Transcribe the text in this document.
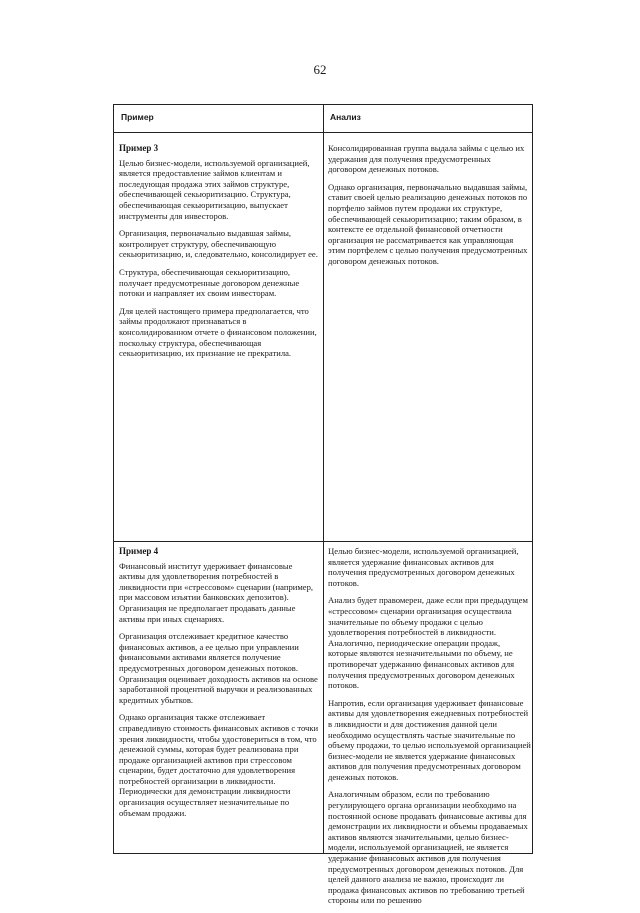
62
Пример	Анализ

Пример 3

Целью бизнес-модели, используемой организацией, является предоставление займов клиентам и последующая продажа этих займов структуре, обеспечивающей секьюритизацию. Структура, обеспечивающая секьюритизацию, выпускает инструменты для инвесторов.

Организация, первоначально выдавшая займы, контролирует структуру, обеспечивающую секьюритизацию, и, следовательно, консолидирует ее.

Структура, обеспечивающая секьюритизацию, получает предусмотренные договором денежные потоки и направляет их своим инвесторам.

Для целей настоящего примера предполагается, что займы продолжают признаваться в консолидированном отчете о финансовом положении, поскольку структура, обеспечивающая секьюритизацию, их признание не прекратила.

Консолидированная группа выдала займы с целью их удержания для получения предусмотренных договором денежных потоков.

Однако организация, первоначально выдавшая займы, ставит своей целью реализацию денежных потоков по портфелю займов путем продажи их структуре, обеспечивающей секьюритизацию; таким образом, в контексте ее отдельной финансовой отчетности организация не рассматривается как управляющая этим портфелем с целью получения предусмотренных договором денежных потоков.

Пример 4

Финансовый институт удерживает финансовые активы для удовлетворения потребностей в ликвидности при «стрессовом» сценарии (например, при массовом изъятии банковских депозитов). Организация не предполагает продавать данные активы при иных сценариях.

Организация отслеживает кредитное качество финансовых активов, а ее целью при управлении финансовыми активами является получение предусмотренных договором денежных потоков. Организация оценивает доходность активов на основе заработанной процентной выручки и реализованных кредитных убытков.

Однако организация также отслеживает справедливую стоимость финансовых активов с точки зрения ликвидности, чтобы удостовериться в том, что денежной суммы, которая будет реализована при продаже организацией активов при стрессовом сценарии, будет достаточно для удовлетворения потребностей организации в ликвидности. Периодически для демонстрации ликвидности организация осуществляет незначительные по объемам продажи.

Целью бизнес-модели, используемой организацией, является удержание финансовых активов для получения предусмотренных договором денежных потоков.

Анализ будет правомерен, даже если при предыдущем «стрессовом» сценарии организация осуществила значительные по объему продажи с целью удовлетворения потребностей в ликвидности. Аналогично, периодические операции продаж, которые являются незначительными по объему, не противоречат удержанию финансовых активов для получения предусмотренных договором денежных потоков.

Напротив, если организация удерживает финансовые активы для удовлетворения ежедневных потребностей в ликвидности и для достижения данной цели необходимо осуществлять частые значительные по объему продажи, то целью используемой организацией бизнес-модели не является удержание финансовых активов для получения предусмотренных договором денежных потоков.

Аналогичным образом, если по требованию регулирующего органа организации необходимо на постоянной основе продавать финансовые активы для демонстрации их ликвидности и объемы продаваемых активов являются значительными, целью бизнес-модели, используемой организацией, не является удержание финансовых активов для получения предусмотренных договором денежных потоков. Для целей данного анализа не важно, происходит ли продажа финансовых активов по требованию третьей стороны или по решению
